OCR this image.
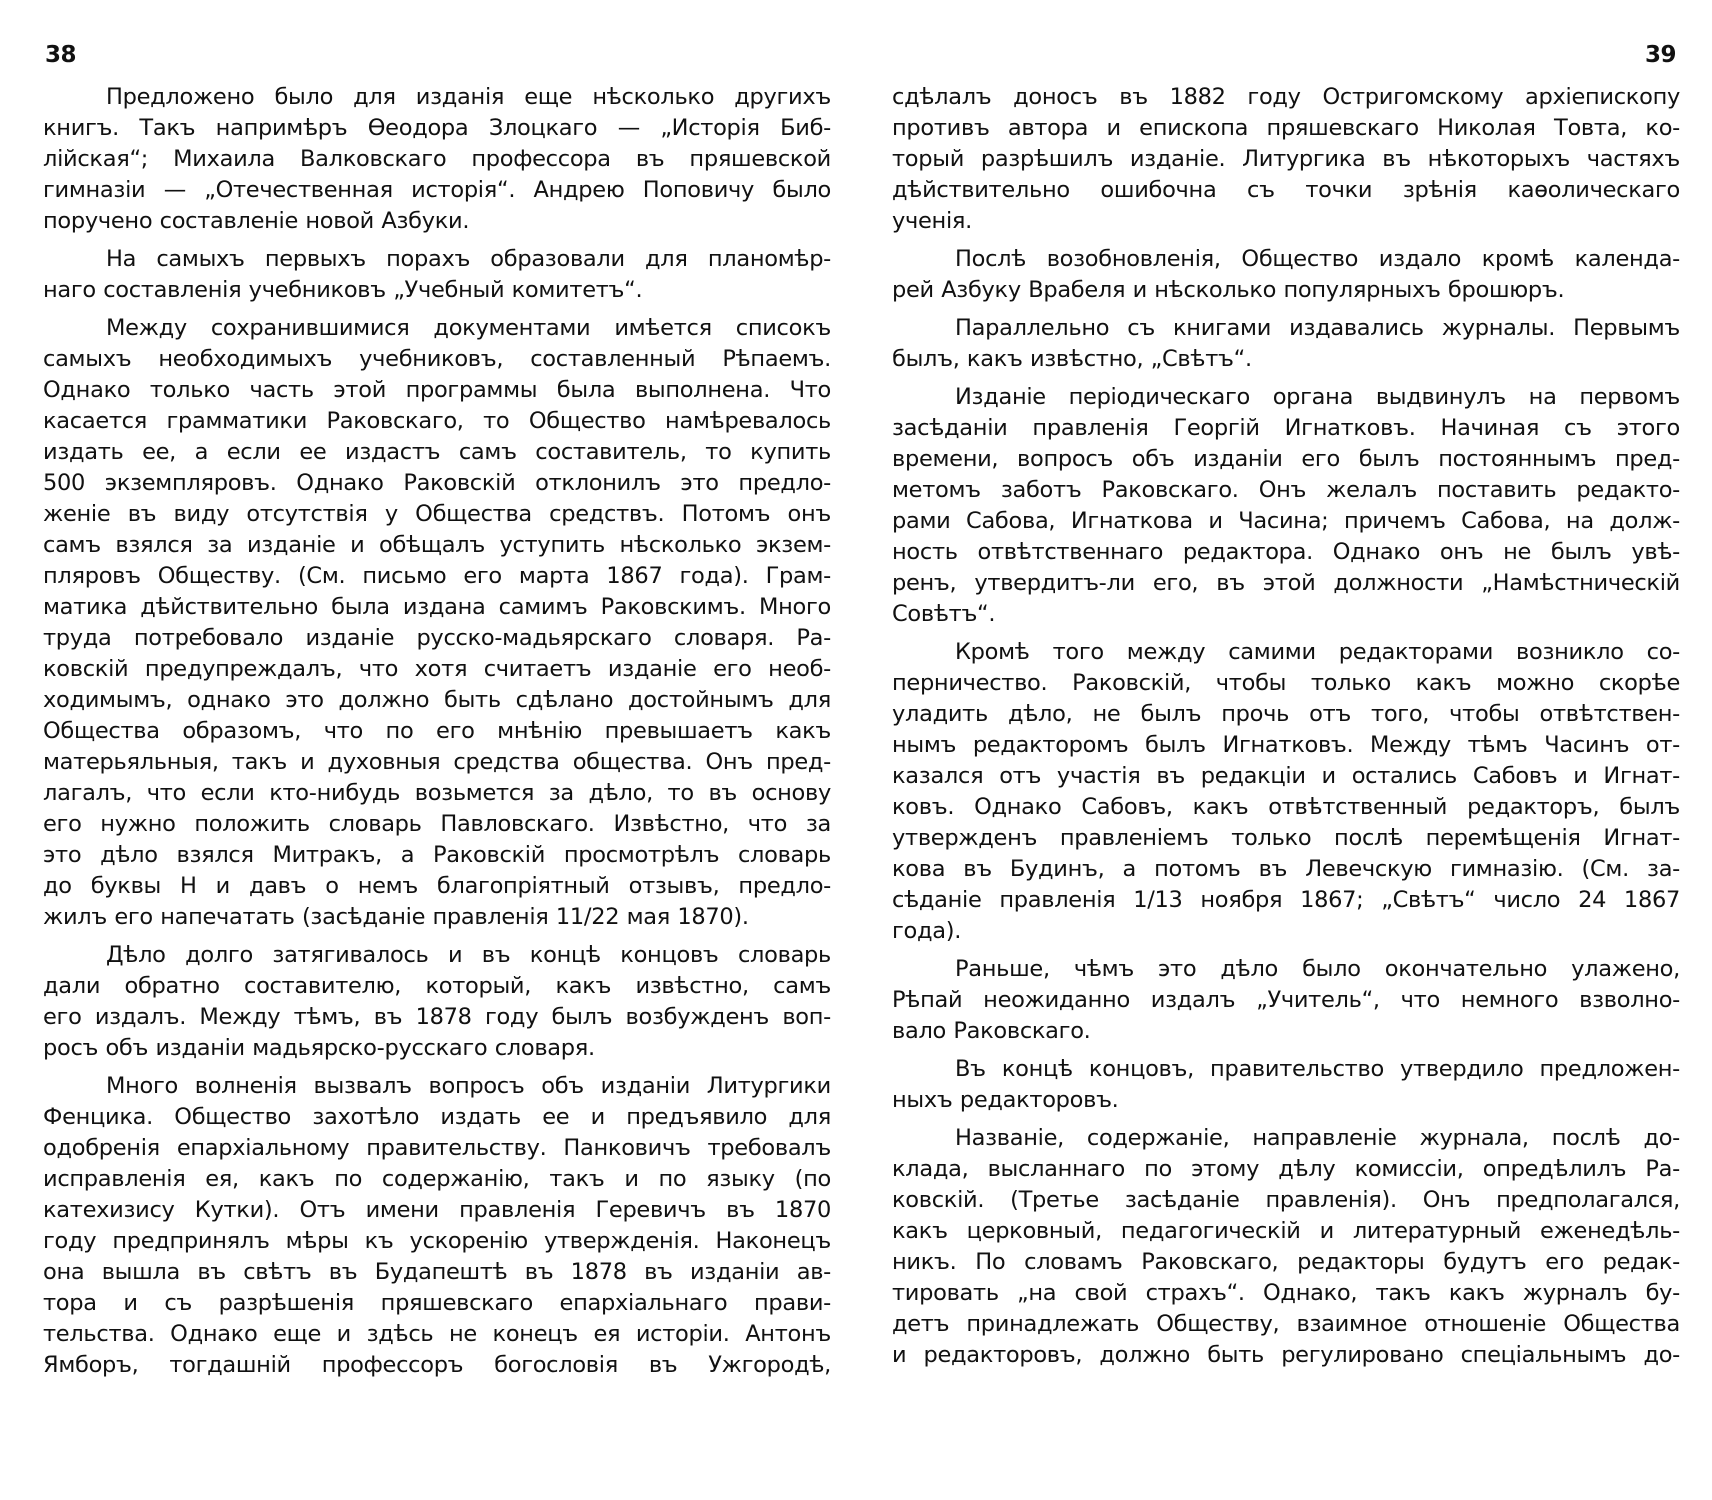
38
Предложено было для изданія еще нѣсколько другихъ
книгъ. Такъ напримѣръ Ѳеодора Злоцкаго — „Исторія Биб-
лійская“; Михаила Валковскаго профессора въ пряшевской
гимназіи — „Отечественная исторія“. Андрею Поповичу было
поручено составленіе новой Азбуки.
На самыхъ первыхъ порахъ образовали для планомѣр-
наго составленія учебниковъ „Учебный комитетъ“.
Между сохранившимися документами имѣется списокъ
самыхъ необходимыхъ учебниковъ, составленный Рѣпаемъ.
Однако только часть этой программы была выполнена. Что
касается грамматики Раковскаго, то Общество намѣревалось
издать ее, а если ее издастъ самъ составитель, то купить
500 экземпляровъ. Однако Раковскій отклонилъ это предло-
женіе въ виду отсутствія у Общества средствъ. Потомъ онъ
самъ взялся за изданіе и обѣщалъ уступить нѣсколько экзем-
пляровъ Обществу. (См. письмо его марта 1867 года). Грам-
матика дѣйствительно была издана самимъ Раковскимъ. Много
труда потребовало изданіе русско-мадьярскаго словаря. Ра-
ковскій предупреждалъ, что хотя считаетъ изданіе его необ-
ходимымъ, однако это должно быть сдѣлано достойнымъ для
Общества образомъ, что по его мнѣнію превышаетъ какъ
матерьяльныя, такъ и духовныя средства общества. Онъ пред-
лагалъ, что если кто-нибудь возьмется за дѣло, то въ основу
его нужно положить словарь Павловскаго. Извѣстно, что за
это дѣло взялся Митракъ, а Раковскій просмотрѣлъ словарь
до буквы Н и давъ о немъ благопріятный отзывъ, предло-
жилъ его напечатать (засѣданіе правленія 11/22 мая 1870).
Дѣло долго затягивалось и въ концѣ концовъ словарь
дали обратно составителю, который, какъ извѣстно, самъ
его издалъ. Между тѣмъ, въ 1878 году былъ возбужденъ воп-
росъ объ изданіи мадьярско-русскаго словаря.
Много волненія вызвалъ вопросъ объ изданіи Литургики
Фенцика. Общество захотѣло издать ее и предъявило для
одобренія епархіальному правительству. Панковичъ требовалъ
исправленія ея, какъ по содержанію, такъ и по языку (по
катехизису Кутки). Отъ имени правленія Геревичъ въ 1870
году предпринялъ мѣры къ ускоренію утвержденія. Наконецъ
она вышла въ свѣтъ въ Будапештѣ въ 1878 въ изданіи ав-
тора и съ разрѣшенія пряшевскаго епархіальнаго прави-
тельства. Однако еще и здѣсь не конецъ ея исторіи. Антонъ
Ямборъ, тогдашній профессоръ богословія въ Ужгородѣ,
39
сдѣлалъ доносъ въ 1882 году Остригомскому архіепископу
противъ автора и епископа пряшевскаго Николая Товта, ко-
торый разрѣшилъ изданіе. Литургика въ нѣкоторыхъ частяхъ
дѣйствительно ошибочна съ точки зрѣнія каѳолическаго
ученія.
Послѣ возобновленія, Общество издало кромѣ календа-
рей Азбуку Врабеля и нѣсколько популярныхъ брошюръ.
Параллельно съ книгами издавались журналы. Первымъ
былъ, какъ извѣстно, „Свѣтъ“.
Изданіе періодическаго органа выдвинулъ на первомъ
засѣданіи правленія Георгій Игнатковъ. Начиная съ этого
времени, вопросъ объ изданіи его былъ постояннымъ пред-
метомъ заботъ Раковскаго. Онъ желалъ поставить редакто-
рами Сабова, Игнаткова и Часина; причемъ Сабова, на долж-
ность отвѣтственнаго редактора. Однако онъ не былъ увѣ-
ренъ, утвердитъ-ли его, въ этой должности „Намѣстническій
Совѣтъ“.
Кромѣ того между самими редакторами возникло со-
перничество. Раковскій, чтобы только какъ можно скорѣе
уладить дѣло, не былъ прочь отъ того, чтобы отвѣтствен-
нымъ редакторомъ былъ Игнатковъ. Между тѣмъ Часинъ от-
казался отъ участія въ редакціи и остались Сабовъ и Игнат-
ковъ. Однако Сабовъ, какъ отвѣтственный редакторъ, былъ
утвержденъ правленіемъ только послѣ перемѣщенія Игнат-
кова въ Будинъ, а потомъ въ Левечскую гимназію. (См. за-
сѣданіе правленія 1/13 ноября 1867; „Свѣтъ“ число 24 1867
года).
Раньше, чѣмъ это дѣло было окончательно улажено,
Рѣпай неожиданно издалъ „Учитель“, что немного взволно-
вало Раковскаго.
Въ концѣ концовъ, правительство утвердило предложен-
ныхъ редакторовъ.
Названіе, содержаніе, направленіе журнала, послѣ до-
клада, высланнаго по этому дѣлу комиссіи, опредѣлилъ Ра-
ковскій. (Третье засѣданіе правленія). Онъ предполагался,
какъ церковный, педагогическій и литературный еженедѣль-
никъ. По словамъ Раковскаго, редакторы будутъ его редак-
тировать „на свой страхъ“. Однако, такъ какъ журналъ бу-
детъ принадлежать Обществу, взаимное отношеніе Общества
и редакторовъ, должно быть регулировано спеціальнымъ до-
